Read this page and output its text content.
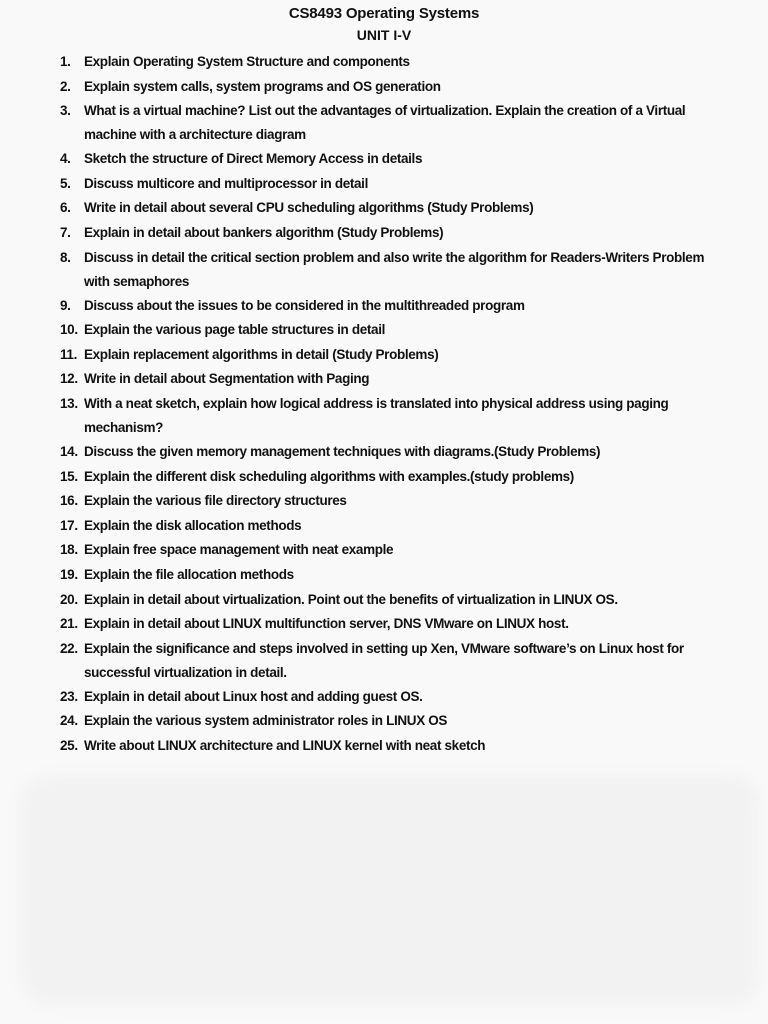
CS8493 Operating Systems
UNIT I-V
1. Explain Operating System Structure and components
2. Explain system calls, system programs and OS generation
3. What is a virtual machine? List out the advantages of virtualization. Explain the creation of a Virtual machine with a architecture diagram
4. Sketch the structure of Direct Memory Access in details
5. Discuss multicore and multiprocessor in detail
6. Write in detail about several CPU scheduling algorithms (Study Problems)
7. Explain in detail about bankers algorithm (Study Problems)
8. Discuss in detail the critical section problem and also write the algorithm for Readers-Writers Problem with semaphores
9. Discuss about the issues to be considered in the multithreaded program
10. Explain the various page table structures in detail
11. Explain replacement algorithms in detail (Study Problems)
12. Write in detail about Segmentation with Paging
13. With a neat sketch, explain how logical address is translated into physical address using paging mechanism?
14. Discuss the given memory management techniques with diagrams.(Study Problems)
15. Explain the different disk scheduling algorithms with examples.(study problems)
16. Explain the various file directory structures
17. Explain the disk allocation methods
18. Explain free space management with neat example
19. Explain the file allocation methods
20. Explain in detail about virtualization. Point out the benefits of virtualization in LINUX OS.
21. Explain in detail about LINUX multifunction server, DNS VMware on LINUX host.
22. Explain the significance and steps involved in setting up Xen, VMware software’s on Linux host for successful virtualization in detail.
23. Explain in detail about Linux host and adding guest OS.
24. Explain the various system administrator roles in LINUX OS
25. Write about LINUX architecture and LINUX kernel with neat sketch
